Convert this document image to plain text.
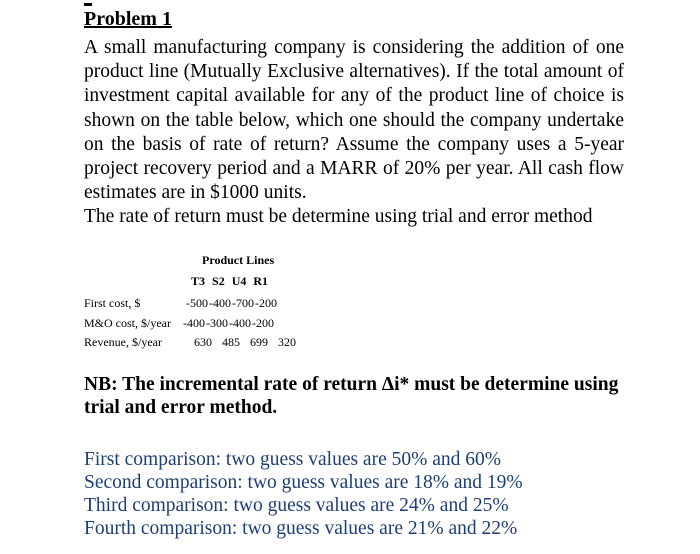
Problem 1

A small manufacturing company is considering the addition of one product line (Mutually Exclusive alternatives). If the total amount of investment capital available for any of the product line of choice is shown on the table below, which one should the company undertake on the basis of rate of return? Assume the company uses a 5-year project recovery period and a MARR of 20% per year. All cash flow estimates are in $1000 units.

The rate of return must be determine using trial and error method

Product Lines
T3 S2 U4 R1
First cost, $	-500-400-700-200
M&O cost, $/year -400-300-400-200
Revenue, $/year	630 485 699 320

NB: The incremental rate of return Δi* must be determine using trial and error method.

First comparison: two guess values are 50% and 60%
Second comparison: two guess values are 18% and 19%
Third comparison: two guess values are 24% and 25%
Fourth comparison: two guess values are 21% and 22%
